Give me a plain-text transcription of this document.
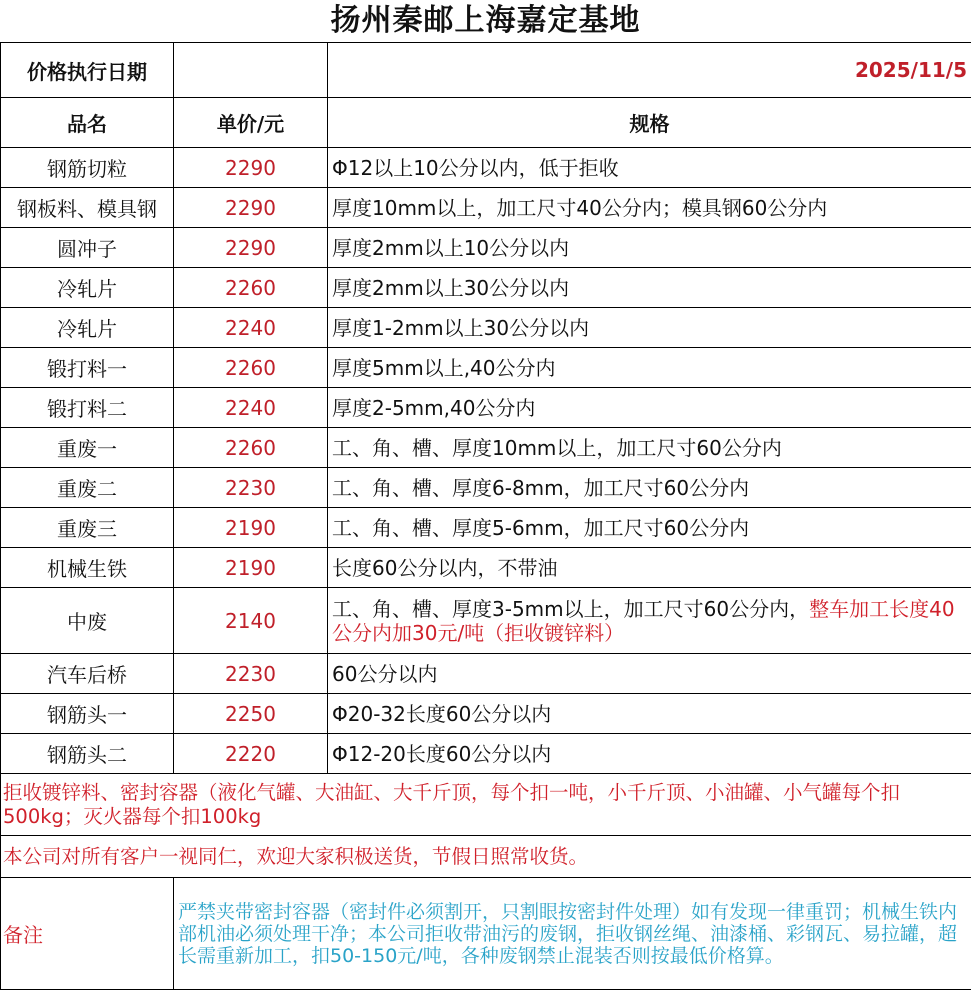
扬州秦邮上海嘉定基地
价格执行日期		2025/11/5
品名	单价/元	规格
钢筋切粒	2290	Φ12以上10公分以内，低于拒收
钢板料、模具钢	2290	厚度10mm以上，加工尺寸40公分内；模具钢60公分内
圆冲子	2290	厚度2mm以上10公分以内
冷轧片	2260	厚度2mm以上30公分以内
冷轧片	2240	厚度1-2mm以上30公分以内
锻打料一	2260	厚度5mm以上,40公分内
锻打料二	2240	厚度2-5mm,40公分内
重废一	2260	工、角、槽、厚度10mm以上，加工尺寸60公分内
重废二	2230	工、角、槽、厚度6-8mm，加工尺寸60公分内
重废三	2190	工、角、槽、厚度5-6mm，加工尺寸60公分内
机械生铁	2190	长度60公分以内，不带油
中废	2140	工、角、槽、厚度3-5mm以上，加工尺寸60公分内，整车加工长度40公分内加30元/吨（拒收镀锌料）
汽车后桥	2230	60公分以内
钢筋头一	2250	Φ20-32长度60公分以内
钢筋头二	2220	Φ12-20长度60公分以内
拒收镀锌料、密封容器（液化气罐、大油缸、大千斤顶，每个扣一吨，小千斤顶、小油罐、小气罐每个扣500kg；灭火器每个扣100kg		
本公司对所有客户一视同仁，欢迎大家积极送货，节假日照常收货。		
备注	严禁夹带密封容器（密封件必须割开，只割眼按密封件处理）如有发现一律重罚；机械生铁内部机油必须处理干净；本公司拒收带油污的废钢，拒收钢丝绳、油漆桶、彩钢瓦、易拉罐，超长需重新加工，扣50-150元/吨，各种废钢禁止混装否则按最低价格算。	
